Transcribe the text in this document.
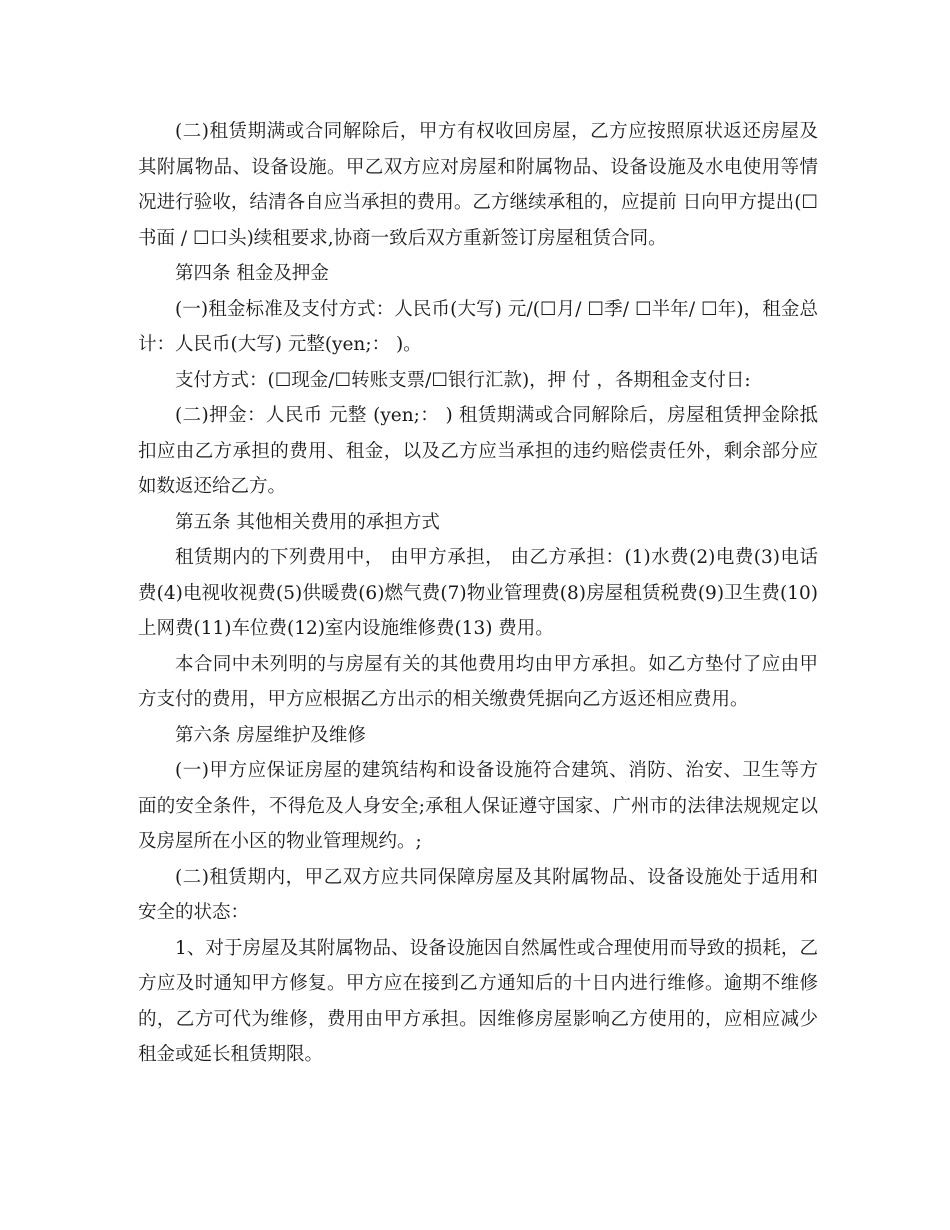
(二)租赁期满或合同解除后，甲方有权收回房屋，乙方应按照原状返还房屋及其附属物品、设备设施。甲乙双方应对房屋和附属物品、设备设施及水电使用等情况进行验收，结清各自应当承担的费用。乙方继续承租的，应提前 日向甲方提出(☐书面 / ☐口头)续租要求,协商一致后双方重新签订房屋租赁合同。

第四条 租金及押金

(一)租金标准及支付方式：人民币(大写) 元/(☐月/ ☐季/ ☐半年/ ☐年)，租金总计：人民币(大写) 元整(yen;： )。

支付方式：(☐现金/☐转账支票/☐银行汇款)，押 付 ，各期租金支付日:

(二)押金：人民币 元整 (yen;： ) 租赁期满或合同解除后，房屋租赁押金除抵扣应由乙方承担的费用、租金，以及乙方应当承担的违约赔偿责任外，剩余部分应如数返还给乙方。

第五条 其他相关费用的承担方式

租赁期内的下列费用中， 由甲方承担， 由乙方承担：(1)水费(2)电费(3)电话费(4)电视收视费(5)供暖费(6)燃气费(7)物业管理费(8)房屋租赁税费(9)卫生费(10)上网费(11)车位费(12)室内设施维修费(13) 费用。

本合同中未列明的与房屋有关的其他费用均由甲方承担。如乙方垫付了应由甲方支付的费用，甲方应根据乙方出示的相关缴费凭据向乙方返还相应费用。

第六条 房屋维护及维修

(一)甲方应保证房屋的建筑结构和设备设施符合建筑、消防、治安、卫生等方面的安全条件，不得危及人身安全;承租人保证遵守国家、广州市的法律法规规定以及房屋所在小区的物业管理规约。;

(二)租赁期内，甲乙双方应共同保障房屋及其附属物品、设备设施处于适用和安全的状态：

1、对于房屋及其附属物品、设备设施因自然属性或合理使用而导致的损耗，乙方应及时通知甲方修复。甲方应在接到乙方通知后的十日内进行维修。逾期不维修的，乙方可代为维修，费用由甲方承担。因维修房屋影响乙方使用的，应相应减少租金或延长租赁期限。
